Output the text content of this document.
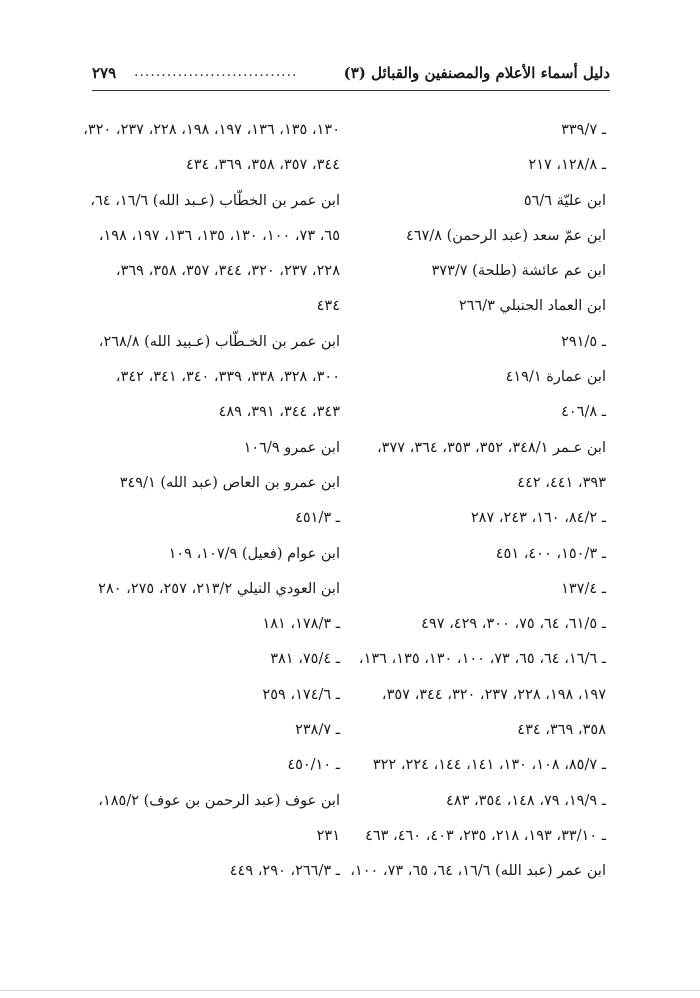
دليل أسماء الأعلام والمصنفين والقبائل (٣)
..............................
٢٧٩
ـ ٣٣٩/٧
ـ ١٢٨/٨، ٢١٧
ابن عليّة ٥٦/٦
ابن عمّ سعد (عبد الرحمن) ٤٦٧/٨
ابن عم عائشة (طلحة) ٣٧٣/٧
ابن العماد الحنبلي ٢٦٦/٣
ـ ٢٩١/٥
ابن عمارة ٤١٩/١
ـ ٤٠٦/٨
ابن عـمر ٣٤٨/١، ٣٥٢، ٣٥٣، ٣٦٤، ٣٧٧،
٣٩٣، ٤٤١، ٤٤٢
ـ ٨٤/٢، ١٦٠، ٢٤٣، ٢٨٧
ـ ١٥٠/٣، ٤٠٠، ٤٥١
ـ ١٣٧/٤
ـ ٦١/٥، ٦٤، ٧٥، ٣٠٠، ٤٢٩، ٤٩٧
ـ ١٦/٦، ٦٤، ٦٥، ٧٣، ١٠٠، ١٣٠، ١٣٥، ١٣٦،
١٩٧، ١٩٨، ٢٢٨، ٢٣٧، ٣٢٠، ٣٤٤، ٣٥٧،
٣٥٨، ٣٦٩، ٤٣٤
ـ ٨٥/٧، ١٠٨، ١٣٠، ١٤١، ١٤٤، ٢٢٤، ٣٢٢
ـ ١٩/٩، ٧٩، ١٤٨، ٣٥٤، ٤٨٣
ـ ٣٣/١٠، ١٩٣، ٢١٨، ٢٣٥، ٤٠٣، ٤٦٠، ٤٦٣
ابن عمر (عبد الله) ١٦/٦، ٦٤، ٦٥، ٧٣، ١٠٠،
١٣٠، ١٣٥، ١٣٦، ١٩٧، ١٩٨، ٢٢٨، ٢٣٧، ٣٢٠،
٣٤٤، ٣٥٧، ٣٥٨، ٣٦٩، ٤٣٤
ابن عمر بن الخطّاب (عـبد الله) ١٦/٦، ٦٤،
٦٥، ٧٣، ١٠٠، ١٣٠، ١٣٥، ١٣٦، ١٩٧، ١٩٨،
٢٢٨، ٢٣٧، ٣٢٠، ٣٤٤، ٣٥٧، ٣٥٨، ٣٦٩،
٤٣٤
ابن عمر بن الخـطّاب (عـبيد الله) ٢٦٨/٨،
٣٠٠، ٣٢٨، ٣٣٨، ٣٣٩، ٣٤٠، ٣٤١، ٣٤٢،
٣٤٣، ٣٤٤، ٣٩١، ٤٨٩
ابن عمرو ١٠٦/٩
ابن عمرو بن العاص (عبد الله) ٣٤٩/١
ـ ٤٥١/٣
ابن عوام (فعيل) ١٠٧/٩، ١٠٩
ابن العودي النيلي ٢١٣/٢، ٢٥٧، ٢٧٥، ٢٨٠
ـ ١٧٨/٣، ١٨١
ـ ٧٥/٤، ٣٨١
ـ ١٧٤/٦، ٢٥٩
ـ ٢٣٨/٧
ـ ٤٥٠/١٠
ابن عوف (عبد الرحمن بن عوف) ١٨٥/٢،
٢٣١
ـ ٢٦٦/٣، ٢٩٠، ٤٤٩
